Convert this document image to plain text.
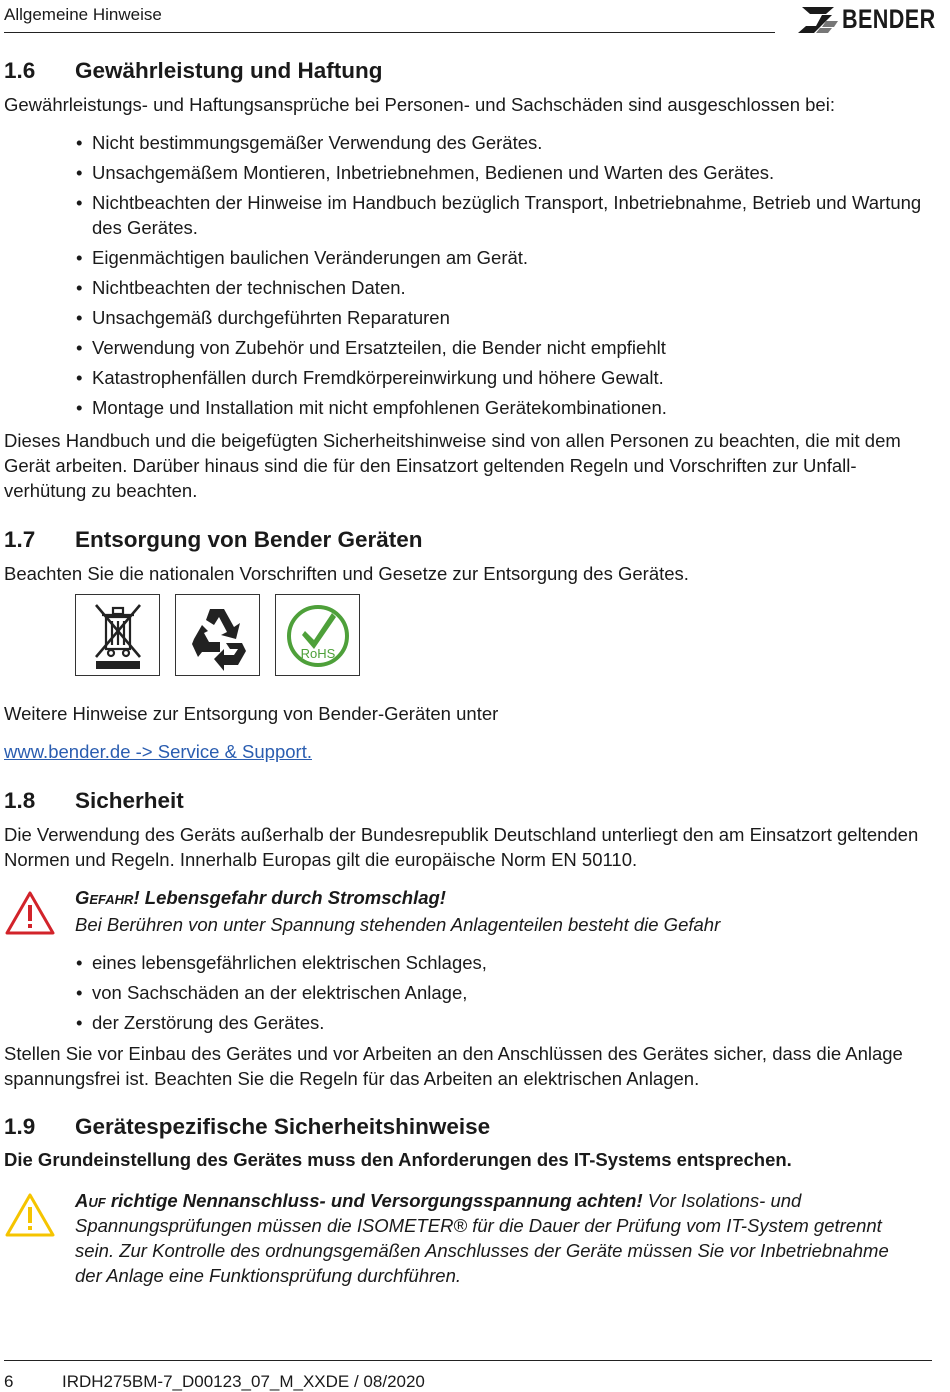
Allgemeine Hinweise	BENDER
1.6 Gewährleistung und Haftung
Gewährleistungs- und Haftungsansprüche bei Personen- und Sachschäden sind ausgeschlossen bei:
• Nicht bestimmungsgemäßer Verwendung des Gerätes.
• Unsachgemäßem Montieren, Inbetriebnehmen, Bedienen und Warten des Gerätes.
• Nichtbeachten der Hinweise im Handbuch bezüglich Transport, Inbetriebnahme, Betrieb und Wartung des Gerätes.
• Eigenmächtigen baulichen Veränderungen am Gerät.
• Nichtbeachten der technischen Daten.
• Unsachgemäß durchgeführten Reparaturen
• Verwendung von Zubehör und Ersatzteilen, die Bender nicht empfiehlt
• Katastrophenfällen durch Fremdkörpereinwirkung und höhere Gewalt.
• Montage und Installation mit nicht empfohlenen Gerätekombinationen.
Dieses Handbuch und die beigefügten Sicherheitshinweise sind von allen Personen zu beachten, die mit dem Gerät arbeiten. Darüber hinaus sind die für den Einsatzort geltenden Regeln und Vorschriften zur Unfall-verhütung zu beachten.
1.7 Entsorgung von Bender Geräten
Beachten Sie die nationalen Vorschriften und Gesetze zur Entsorgung des Gerätes.
RoHS
Weitere Hinweise zur Entsorgung von Bender-Geräten unter
www.bender.de -> Service & Support.
1.8 Sicherheit
Die Verwendung des Geräts außerhalb der Bundesrepublik Deutschland unterliegt den am Einsatzort geltenden Normen und Regeln. Innerhalb Europas gilt die europäische Norm EN 50110.
Gefahr! Lebensgefahr durch Stromschlag!
Bei Berühren von unter Spannung stehenden Anlagenteilen besteht die Gefahr
• eines lebensgefährlichen elektrischen Schlages,
• von Sachschäden an der elektrischen Anlage,
• der Zerstörung des Gerätes.
Stellen Sie vor Einbau des Gerätes und vor Arbeiten an den Anschlüssen des Gerätes sicher, dass die Anlage spannungsfrei ist. Beachten Sie die Regeln für das Arbeiten an elektrischen Anlagen.
1.9 Gerätespezifische Sicherheitshinweise
Die Grundeinstellung des Gerätes muss den Anforderungen des IT-Systems entsprechen.
Auf richtige Nennanschluss- und Versorgungsspannung achten! Vor Isolations- und Spannungsprüfungen müssen die ISOMETER® für die Dauer der Prüfung vom IT-System getrennt sein. Zur Kontrolle des ordnungsgemäßen Anschlusses der Geräte müssen Sie vor Inbetriebnahme der Anlage eine Funktionsprüfung durchführen.
6	IRDH275BM-7_D00123_07_M_XXDE / 08/2020
